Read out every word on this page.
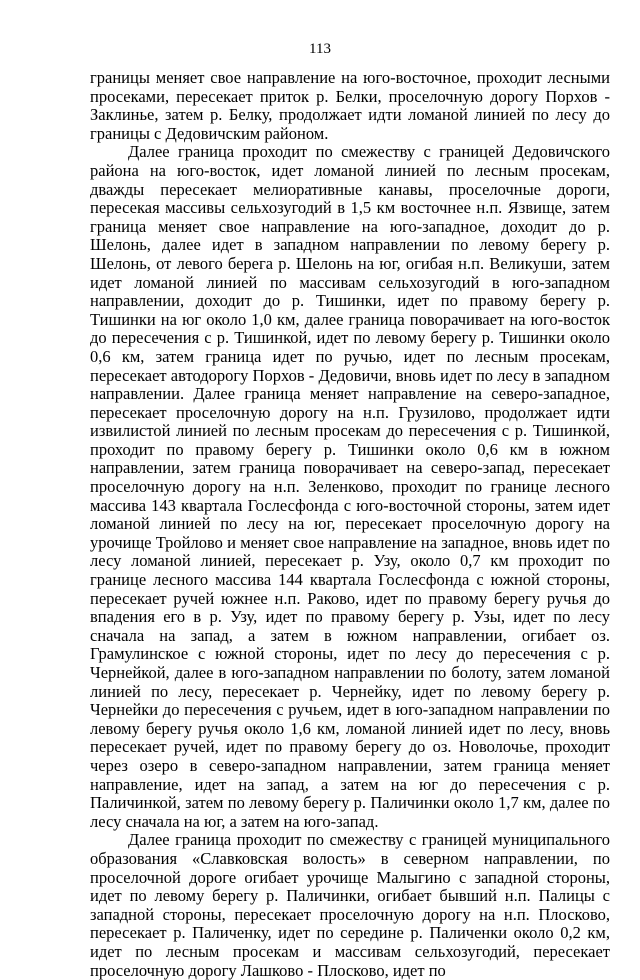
113

границы меняет свое направление на юго-восточное, проходит лесными просеками, пересекает приток р. Белки, проселочную дорогу Порхов - Заклинье, затем р. Белку, продолжает идти ломаной линией по лесу до границы с Дедовичским районом.

Далее граница проходит по смежеству с границей Дедовичского района на юго-восток, идет ломаной линией по лесным просекам, дважды пересекает мелиоративные канавы, проселочные дороги, пересекая массивы сельхозугодий в 1,5 км восточнее н.п. Язвище, затем граница меняет свое направление на юго-западное, доходит до р. Шелонь, далее идет в западном направлении по левому берегу р. Шелонь, от левого берега р. Шелонь на юг, огибая н.п. Великуши, затем идет ломаной линией по массивам сельхозугодий в юго-западном направлении, доходит до р. Тишинки, идет по правому берегу р. Тишинки на юг около 1,0 км, далее граница поворачивает на юго-восток до пересечения с р. Тишинкой, идет по левому берегу р. Тишинки около 0,6 км, затем граница идет по ручью, идет по лесным просекам, пересекает автодорогу Порхов - Дедовичи, вновь идет по лесу в западном направлении. Далее граница меняет направление на северо-западное, пересекает проселочную дорогу на н.п. Грузилово, продолжает идти извилистой линией по лесным просекам до пересечения с р. Тишинкой, проходит по правому берегу р. Тишинки около 0,6 км в южном направлении, затем граница поворачивает на северо-запад, пересекает проселочную дорогу на н.п. Зеленково, проходит по границе лесного массива 143 квартала Гослесфонда с юго-восточной стороны, затем идет ломаной линией по лесу на юг, пересекает проселочную дорогу на урочище Тройлово и меняет свое направление на западное, вновь идет по лесу ломаной линией, пересекает р. Узу, около 0,7 км проходит по границе лесного массива 144 квартала Гослесфонда с южной стороны, пересекает ручей южнее н.п. Раково, идет по правому берегу ручья до впадения его в р. Узу, идет по правому берегу р. Узы, идет по лесу сначала на запад, а затем в южном направлении, огибает оз. Грамулинское с южной стороны, идет по лесу до пересечения с р. Чернейкой, далее в юго-западном направлении по болоту, затем ломаной линией по лесу, пересекает р. Чернейку, идет по левому берегу р. Чернейки до пересечения с ручьем, идет в юго-западном направлении по левому берегу ручья около 1,6 км, ломаной линией идет по лесу, вновь пересекает ручей, идет по правому берегу до оз. Новолочье, проходит через озеро в северо-западном направлении, затем граница меняет направление, идет на запад, а затем на юг до пересечения с р. Паличинкой, затем по левому берегу р. Паличинки около 1,7 км, далее по лесу сначала на юг, а затем на юго-запад.

Далее граница проходит по смежеству с границей муниципального образования «Славковская волость» в северном направлении, по проселочной дороге огибает урочище Малыгино с западной стороны, идет по левому берегу р. Паличинки, огибает бывший н.п. Палицы с западной стороны, пересекает проселочную дорогу на н.п. Плосково, пересекает р. Паличенку, идет по середине р. Паличенки около 0,2 км, идет по лесным просекам и массивам сельхозугодий, пересекает проселочную дорогу Лашково - Плосково, идет по
